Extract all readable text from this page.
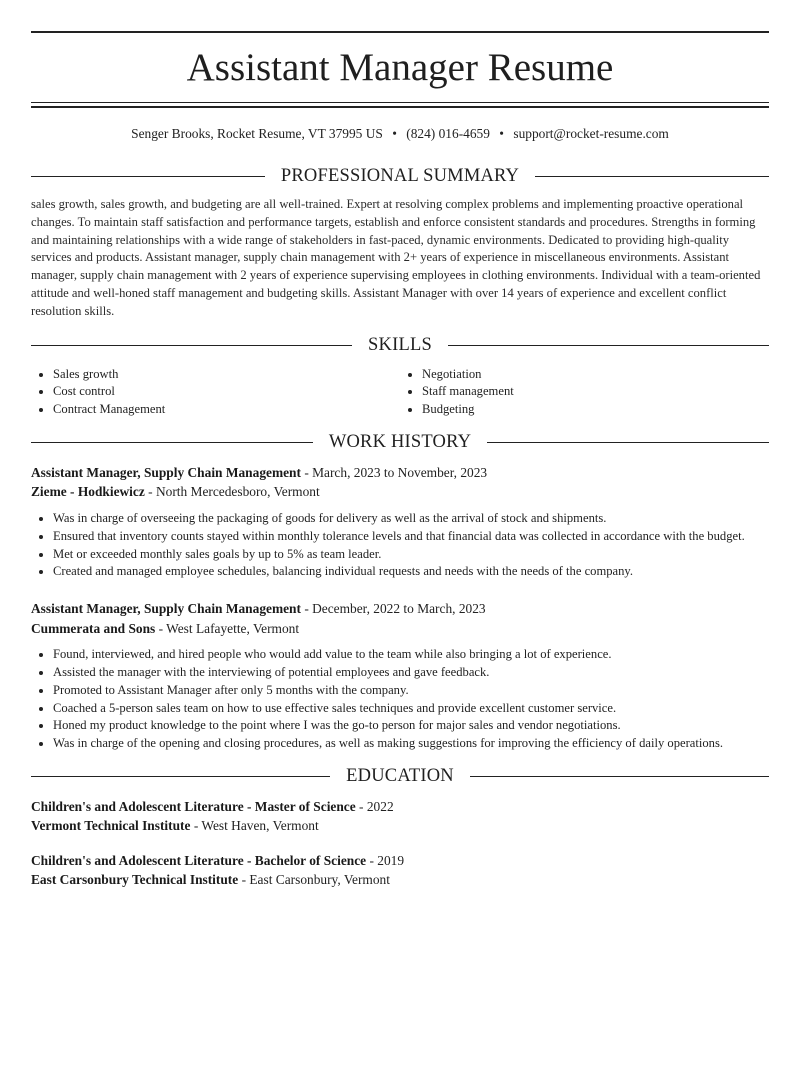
Assistant Manager Resume
Senger Brooks, Rocket Resume, VT 37995 US • (824) 016-4659 • support@rocket-resume.com
PROFESSIONAL SUMMARY

sales growth, sales growth, and budgeting are all well-trained. Expert at resolving complex problems and implementing proactive operational changes. To maintain staff satisfaction and performance targets, establish and enforce consistent standards and procedures. Strengths in forming and maintaining relationships with a wide range of stakeholders in fast-paced, dynamic environments. Dedicated to providing high-quality services and products. Assistant manager, supply chain management with 2+ years of experience in miscellaneous environments. Assistant manager, supply chain management with 2 years of experience supervising employees in clothing environments. Individual with a team-oriented attitude and well-honed staff management and budgeting skills. Assistant Manager with over 14 years of experience and excellent conflict resolution skills.

SKILLS
• Sales growth
• Cost control
• Contract Management
• Negotiation
• Staff management
• Budgeting
WORK HISTORY
Assistant Manager, Supply Chain Management - March, 2023 to November, 2023
Zieme - Hodkiewicz - North Mercedesboro, Vermont
• Was in charge of overseeing the packaging of goods for delivery as well as the arrival of stock and shipments.
• Ensured that inventory counts stayed within monthly tolerance levels and that financial data was collected in accordance with the budget.
• Met or exceeded monthly sales goals by up to 5% as team leader.
• Created and managed employee schedules, balancing individual requests and needs with the needs of the company.
Assistant Manager, Supply Chain Management - December, 2022 to March, 2023
Cummerata and Sons - West Lafayette, Vermont
• Found, interviewed, and hired people who would add value to the team while also bringing a lot of experience.
• Assisted the manager with the interviewing of potential employees and gave feedback.
• Promoted to Assistant Manager after only 5 months with the company.
• Coached a 5-person sales team on how to use effective sales techniques and provide excellent customer service.
• Honed my product knowledge to the point where I was the go-to person for major sales and vendor negotiations.
• Was in charge of the opening and closing procedures, as well as making suggestions for improving the efficiency of daily operations.
EDUCATION
Children's and Adolescent Literature - Master of Science - 2022
Vermont Technical Institute - West Haven, Vermont
Children's and Adolescent Literature - Bachelor of Science - 2019
East Carsonbury Technical Institute - East Carsonbury, Vermont
